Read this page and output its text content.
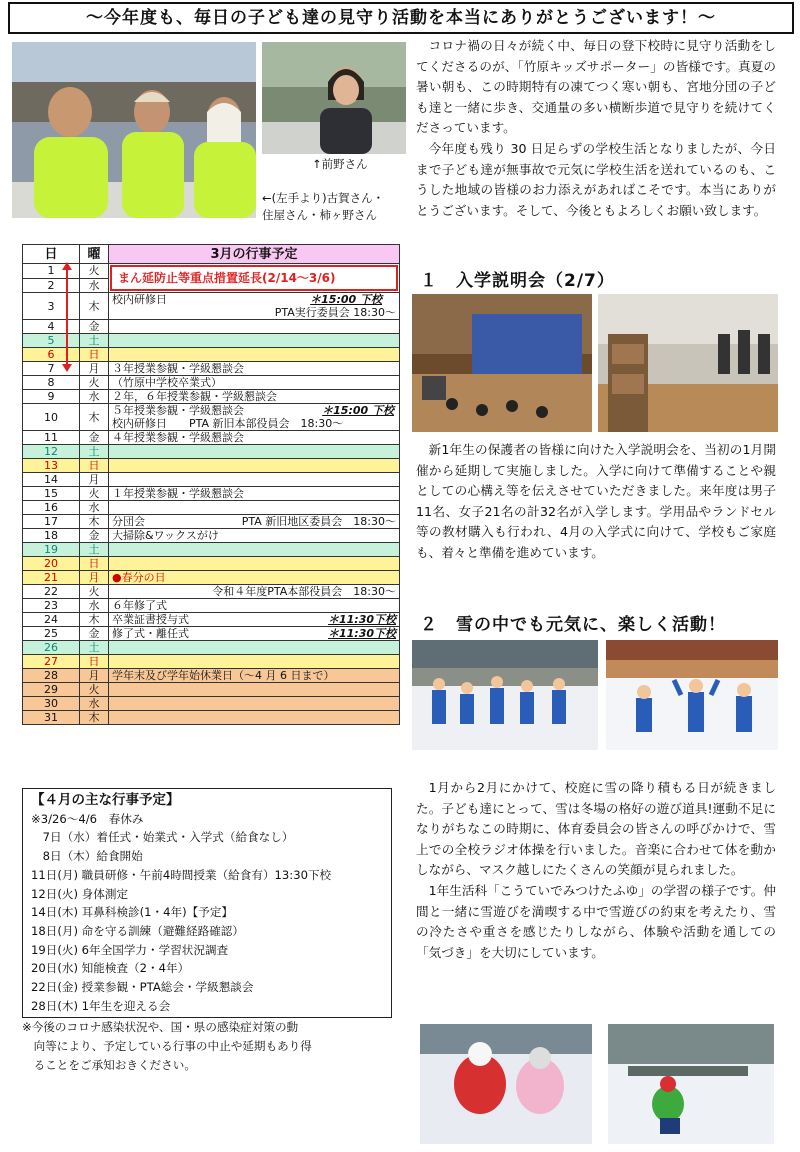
～今年度も、毎日の子ども達の見守り活動を本当にありがとうございます！～
↑前野さん
←(左手より)古賀さん・
住屋さん・柿ヶ野さん

コロナ禍の日々が続く中、毎日の登下校時に見守り活動をしてくださるのが、「竹原キッズサポーター」の皆様です。真夏の暑い朝も、この時期特有の凍てつく寒い朝も、宮地分団の子ども達と一緒に歩き、交通量の多い横断歩道で見守りを続けてくださっています。

今年度も残り 30 日足らずの学校生活となりましたが、今日まで子ども達が無事故で元気に学校生活を送れているのも、こうした地域の皆様のお力添えがあればこそです。本当にありがとうございます。そして、今後ともよろしくお願い致します。

１　入学説明会（2/7）

新1年生の保護者の皆様に向けた入学説明会を、当初の1月開催から延期して実施しました。入学に向けて準備することや親としての心構え等を伝えさせていただきました。来年度は男子11名、女子21名の計32名が入学します。学用品やランドセル等の教材購入も行われ、4月の入学式に向けて、学校もご家庭も、着々と準備を進めています。

２　雪の中でも元気に、楽しく活動！

1月から2月にかけて、校庭に雪の降り積もる日が続きました。子ども達にとって、雪は冬場の格好の遊び道具!運動不足になりがちなこの時期に、体育委員会の皆さんの呼びかけで、雪上での全校ラジオ体操を行いました。音楽に合わせて体を動かしながら、マスク越しにたくさんの笑顔が見られました。

1年生活科「こうていでみつけたふゆ」の学習の様子です。仲間と一緒に雪遊びを満喫する中で雪遊びの約束を考えたり、雪の冷たさや重さを感じたりしながら、体験や活動を通しての「気づき」を大切にしています。

日	曜	3月の行事予定
1	火	まん延防止等重点措置延長(2/14～3/6)

2	水	
3	木	校内研修日 ＊15:00 下校
PTA実行委員会 18:30～

4	金	
5	土	
6	日	
7	月	３年授業参観・学級懇談会
8	火	（竹原中学校卒業式）
9	水	２年，６年授業参観・学級懇談会
10	木	５年授業参観・学級懇談会 ＊15:00 下校
校内研修日　　PTA 新旧本部役員会　18:30～

11	金	４年授業参観・学級懇談会
12	土	
13	日	
14	月	
15	火	１年授業参観・学級懇談会
16	水	
17	木	分団会 PTA 新旧地区委員会　18:30～

18	金	大掃除&ワックスがけ
19	土	
20	日	
21	月	●春分の日
22	火	令和４年度PTA本部役員会　18:30～
23	水	６年修了式
24	木	卒業証書授与式 ＊11:30下校

25	金	修了式・離任式 ＊11:30下校

26	土	
27	日	
28	月	学年末及び学年始休業日（～4 月 6 日まで）
29	火	
30	水	
31	木	
【４月の主な行事予定】
※3/26～4/6　春休み
　7日（水）着任式・始業式・入学式（給食なし）
　8日（木）給食開始
11日(月) 職員研修・午前4時間授業（給食有）13:30下校
12日(火) 身体測定
14日(木) 耳鼻科検診(1・4年)【予定】
18日(月) 命を守る訓練（避難経路確認）
19日(火) 6年全国学力・学習状況調査
20日(水) 知能検査（2・4年）
22日(金) 授業参観・PTA総会・学級懇談会
28日(木) 1年生を迎える会
※今後のコロナ感染状況や、国・県の感染症対策の動
　向等により、予定している行事の中止や延期もあり得
　ることをご承知おきください。
